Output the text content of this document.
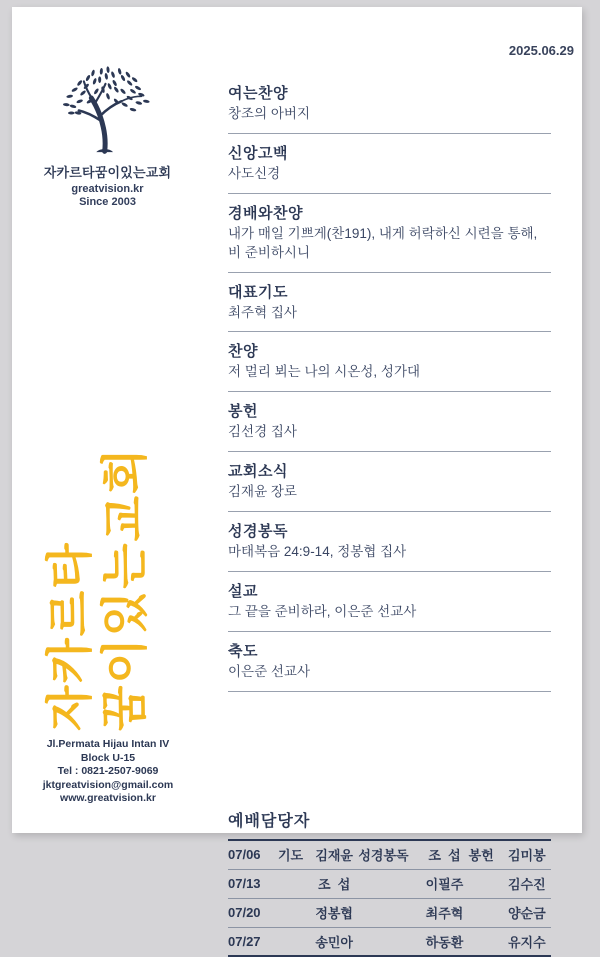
자카르타꿈이있는교회
greatvision.kr
Since 2003
자카르타 꿈이있는교회
Jl.Permata Hijau Intan IV
Block U-15
Tel : 0821-2507-9069
jktgreatvision@gmail.com
www.greatvision.kr
2025.06.29
여는찬양
창조의 아버지
신앙고백
사도신경
경배와찬양
내가 매일 기쁘게(찬191), 내게 허락하신 시련을 통해, 비 준비하시니
대표기도
최주혁 집사
찬양
저 멀리 뵈는 나의 시온성, 성가대
봉헌
김선경 집사
교회소식
김재윤 장로
성경봉독
마태복음 24:9-14, 정봉협 집사
설교
그 끝을 준비하라, 이은준 선교사
축도
이은준 선교사
예배담당자
07/06	기도 김재윤 성경봉독	조  섭 봉헌	김미봉
07/13	조  섭	이필주	김수진
07/20	정봉협	최주혁	양순금
07/27	송민아	하동환	유지수
